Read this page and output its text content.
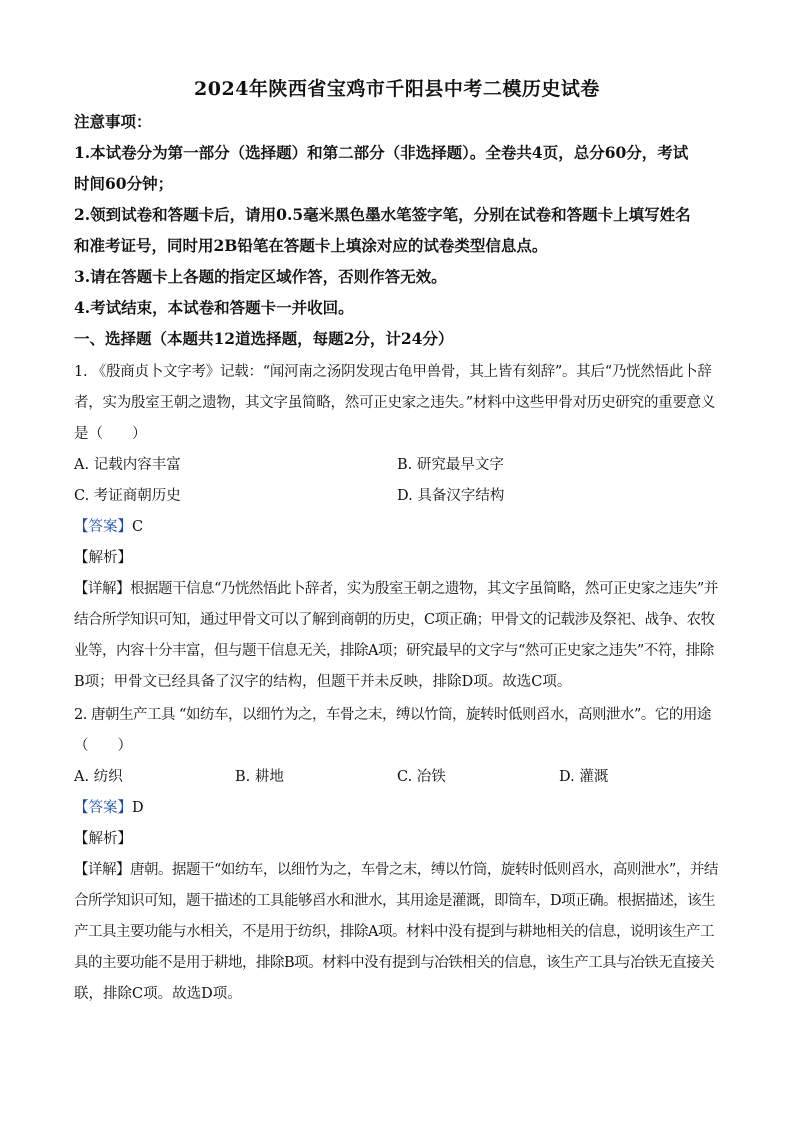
2024年陕西省宝鸡市千阳县中考二模历史试卷
注意事项：
1.本试卷分为第一部分（选择题）和第二部分（非选择题）。全卷共4页，总分60分，考试
时间60分钟；
2.领到试卷和答题卡后，请用0.5毫米黑色墨水笔签字笔，分别在试卷和答题卡上填写姓名
和准考证号，同时用2B铅笔在答题卡上填涂对应的试卷类型信息点。
3.请在答题卡上各题的指定区域作答，否则作答无效。
4.考试结束，本试卷和答题卡一并收回。
一、选择题（本题共12道选择题，每题2分，计24分）
1. 《殷商贞卜文字考》记载：“闻河南之汤阴发现古龟甲兽骨，其上皆有刻辞”。其后“乃恍然悟此卜辞
者，实为殷室王朝之遗物，其文字虽简略，然可正史家之违失。”材料中这些甲骨对历史研究的重要意义
是（　　）
A. 记载内容丰富	B. 研究最早文字
C. 考证商朝历史	D. 具备汉字结构
【答案】C
【解析】
【详解】根据题干信息“乃恍然悟此卜辞者，实为殷室王朝之遗物，其文字虽简略，然可正史家之违失”并
结合所学知识可知，通过甲骨文可以了解到商朝的历史，C项正确；甲骨文的记载涉及祭祀、战争、农牧
业等，内容十分丰富，但与题干信息无关，排除A项；研究最早的文字与“然可正史家之违失”不符，排除
B项；甲骨文已经具备了汉字的结构，但题干并未反映，排除D项。故选C项。
2. 唐朝生产工具 “如纺车，以细竹为之，车骨之末，缚以竹筒，旋转时低则舀水，高则泄水”。它的用途
（　　）
A. 纺织	B. 耕地	C. 冶铁	D. 灌溉
【答案】D
【解析】
【详解】唐朝。据题干“如纺车，以细竹为之，车骨之末，缚以竹筒，旋转时低则舀水，高则泄水”，并结
合所学知识可知，题干描述的工具能够舀水和泄水，其用途是灌溉，即筒车，D项正确。根据描述，该生
产工具主要功能与水相关，不是用于纺织，排除A项。材料中没有提到与耕地相关的信息，说明该生产工
具的主要功能不是用于耕地，排除B项。材料中没有提到与冶铁相关的信息，该生产工具与冶铁无直接关
联，排除C项。故选D项。
